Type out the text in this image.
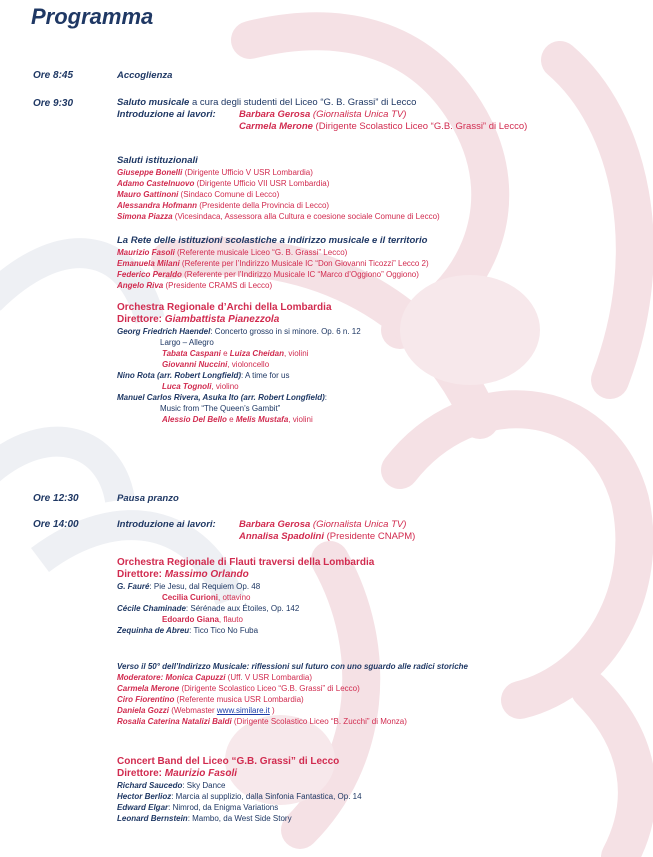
Programma
Ore 8:45	Accoglienza
Ore 9:30	Saluto musicale a cura degli studenti del Liceo “G. B. Grassi” di Lecco
Introduzione ai lavori: Barbara Gerosa (Giornalista Unica TV)
Carmela Merone (Dirigente Scolastico Liceo “G.B. Grassi” di Lecco)
Saluti istituzionali
Giuseppe Bonelli (Dirigente Ufficio V USR Lombardia)
Adamo Castelnuovo (Dirigente Ufficio VII USR Lombardia)
Mauro Gattinoni (Sindaco Comune di Lecco)
Alessandra Hofmann (Presidente della Provincia di Lecco)
Simona Piazza (Vicesindaca, Assessora alla Cultura e coesione sociale Comune di Lecco)
La Rete delle istituzioni scolastiche a indirizzo musicale e il territorio
Maurizio Fasoli (Referente musicale Liceo “G. B. Grassi” Lecco)
Emanuela Milani (Referente per l’Indirizzo Musicale IC “Don Giovanni Ticozzi” Lecco 2)
Federico Peraldo (Referente per l’Indirizzo Musicale IC “Marco d’Oggiono” Oggiono)
Angelo Riva (Presidente CRAMS di Lecco)
Orchestra Regionale d’Archi della Lombardia
Direttore: Giambattista Pianezzola
Georg Friedrich Haendel: Concerto grosso in si minore. Op. 6 n. 12
Largo – Allegro
Tabata Caspani e Luiza Cheidan, violini
Giovanni Nuccini, violoncello
Nino Rota (arr. Robert Longfield): A time for us
Luca Tognoli, violino
Manuel Carlos Rivera, Asuka Ito (arr. Robert Longfield):
Music from “The Queen’s Gambit”
Alessio Del Bello e Melis Mustafa, violini
Ore 12:30	Pausa pranzo
Ore 14:00	Introduzione ai lavori: Barbara Gerosa (Giornalista Unica TV)
Annalisa Spadolini (Presidente CNAPM)
Orchestra Regionale di Flauti traversi della Lombardia
Direttore: Massimo Orlando
G. Fauré: Pie Jesu, dal Requiem Op. 48
Cecilia Curioni, ottavino
Cécile Chaminade: Sérénade aux Étoiles, Op. 142
Edoardo Giana, flauto
Zequinha de Abreu: Tico Tico No Fuba
Verso il 50° dell’Indirizzo Musicale: riflessioni sul futuro con uno sguardo alle radici storiche
Moderatore: Monica Capuzzi (Uff. V USR Lombardia)
Carmela Merone (Dirigente Scolastico Liceo “G.B. Grassi” di Lecco)
Ciro Fiorentino (Referente musica USR Lombardia)
Daniela Gozzi (Webmaster www.similare.it )
Rosalia Caterina Natalizi Baldi (Dirigente Scolastico Liceo “B. Zucchi” di Monza)
Concert Band del Liceo “G.B. Grassi” di Lecco
Direttore: Maurizio Fasoli
Richard Saucedo: Sky Dance
Hector Berlioz: Marcia al supplizio, dalla Sinfonia Fantastica, Op. 14
Edward Elgar: Nimrod, da Enigma Variations
Leonard Bernstein: Mambo, da West Side Story
